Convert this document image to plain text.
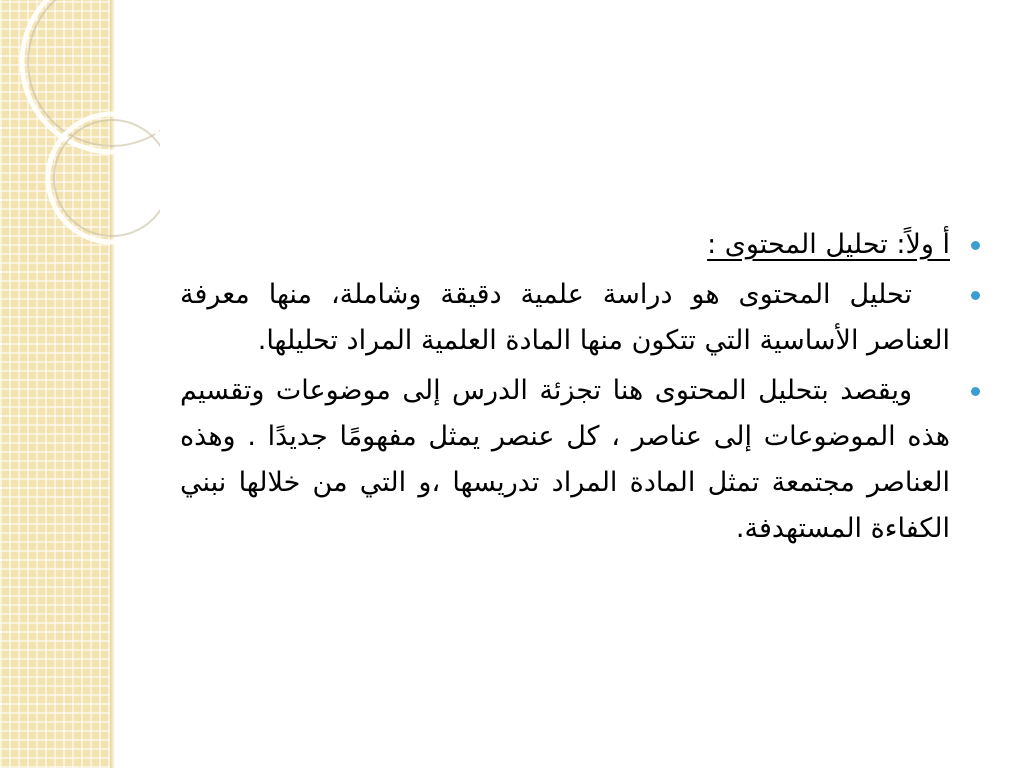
أ ولاً: تحليل المحتوى :
تحليل المحتوى هو دراسة علمية دقيقة وشاملة، منها معرفة العناصر الأساسية التي تتكون منها المادة العلمية المراد تحليلها.
ويقصد بتحليل المحتوى هنا تجزئة الدرس إلى موضوعات وتقسيم هذه الموضوعات إلى عناصر ، كل عنصر يمثل مفهومًا جديدًا . وهذه العناصر مجتمعة تمثل المادة المراد تدريسها ،و التي من خلالها نبني الكفاءة المستهدفة.
